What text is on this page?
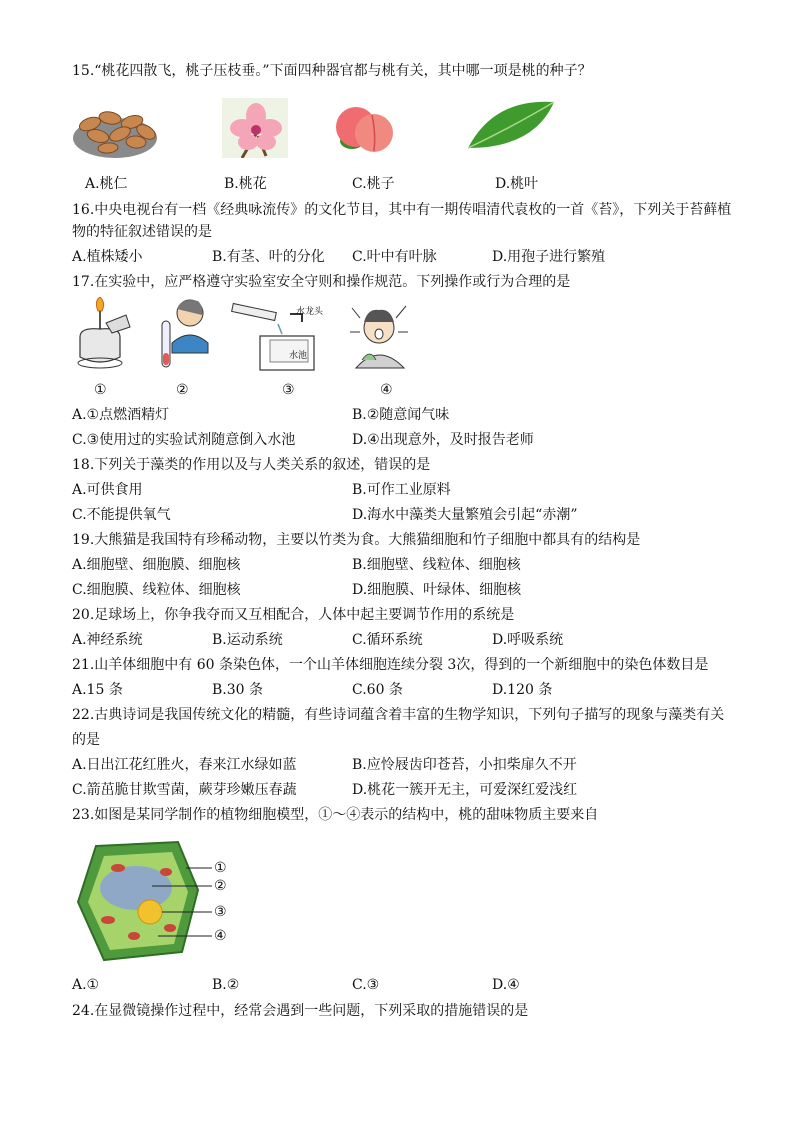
15.“桃花四散飞，桃子压枝垂。”下面四种器官都与桃有关，其中哪一项是桃的种子？
A.桃仁	B.桃花	C.桃子	D.桃叶
16.中央电视台有一档《经典咏流传》的文化节目，其中有一期传唱清代袁枚的一首《苔》，下列关于苔藓植
物的特征叙述错误的是
A.植株矮小	B.有茎、叶的分化 C.叶中有叶脉	D.用孢子进行繁殖
17.在实验中，应严格遵守实验室安全守则和操作规范。下列操作或行为合理的是
水龙头
水池
①	②	③	④
A.①点燃酒精灯	B.②随意闻气味
C.③使用过的实验试剂随意倒入水池	D.④出现意外，及时报告老师
18.下列关于藻类的作用以及与人类关系的叙述，错误的是
A.可供食用	B.可作工业原料
C.不能提供氧气	D.海水中藻类大量繁殖会引起“赤潮”
19.大熊猫是我国特有珍稀动物，主要以竹类为食。大熊猫细胞和竹子细胞中都具有的结构是
A.细胞壁、细胞膜、细胞核	B.细胞壁、线粒体、细胞核
C.细胞膜、线粒体、细胞核	D.细胞膜、叶绿体、细胞核
20.足球场上，你争我夺而又互相配合，人体中起主要调节作用的系统是
A.神经系统	B.运动系统	C.循环系统	D.呼吸系统
21.山羊体细胞中有 60 条染色体，一个山羊体细胞连续分裂 3次，得到的一个新细胞中的染色体数目是
A.15 条	B.30 条	C.60 条	D.120 条
22.古典诗词是我国传统文化的精髓，有些诗词蕴含着丰富的生物学知识，下列句子描写的现象与藻类有关
的是
A.日出江花红胜火，春来江水绿如蓝	B.应怜屐齿印苍苔，小扣柴扉久不开
C.箭茁脆甘欺雪菌，蕨芽珍嫩压春蔬	D.桃花一簇开无主，可爱深红爱浅红
23.如图是某同学制作的植物细胞模型，①～④表示的结构中，桃的甜味物质主要来自
①
②
③
④
A.①	B.②	C.③	D.④
24.在显微镜操作过程中，经常会遇到一些问题，下列采取的措施错误的是
